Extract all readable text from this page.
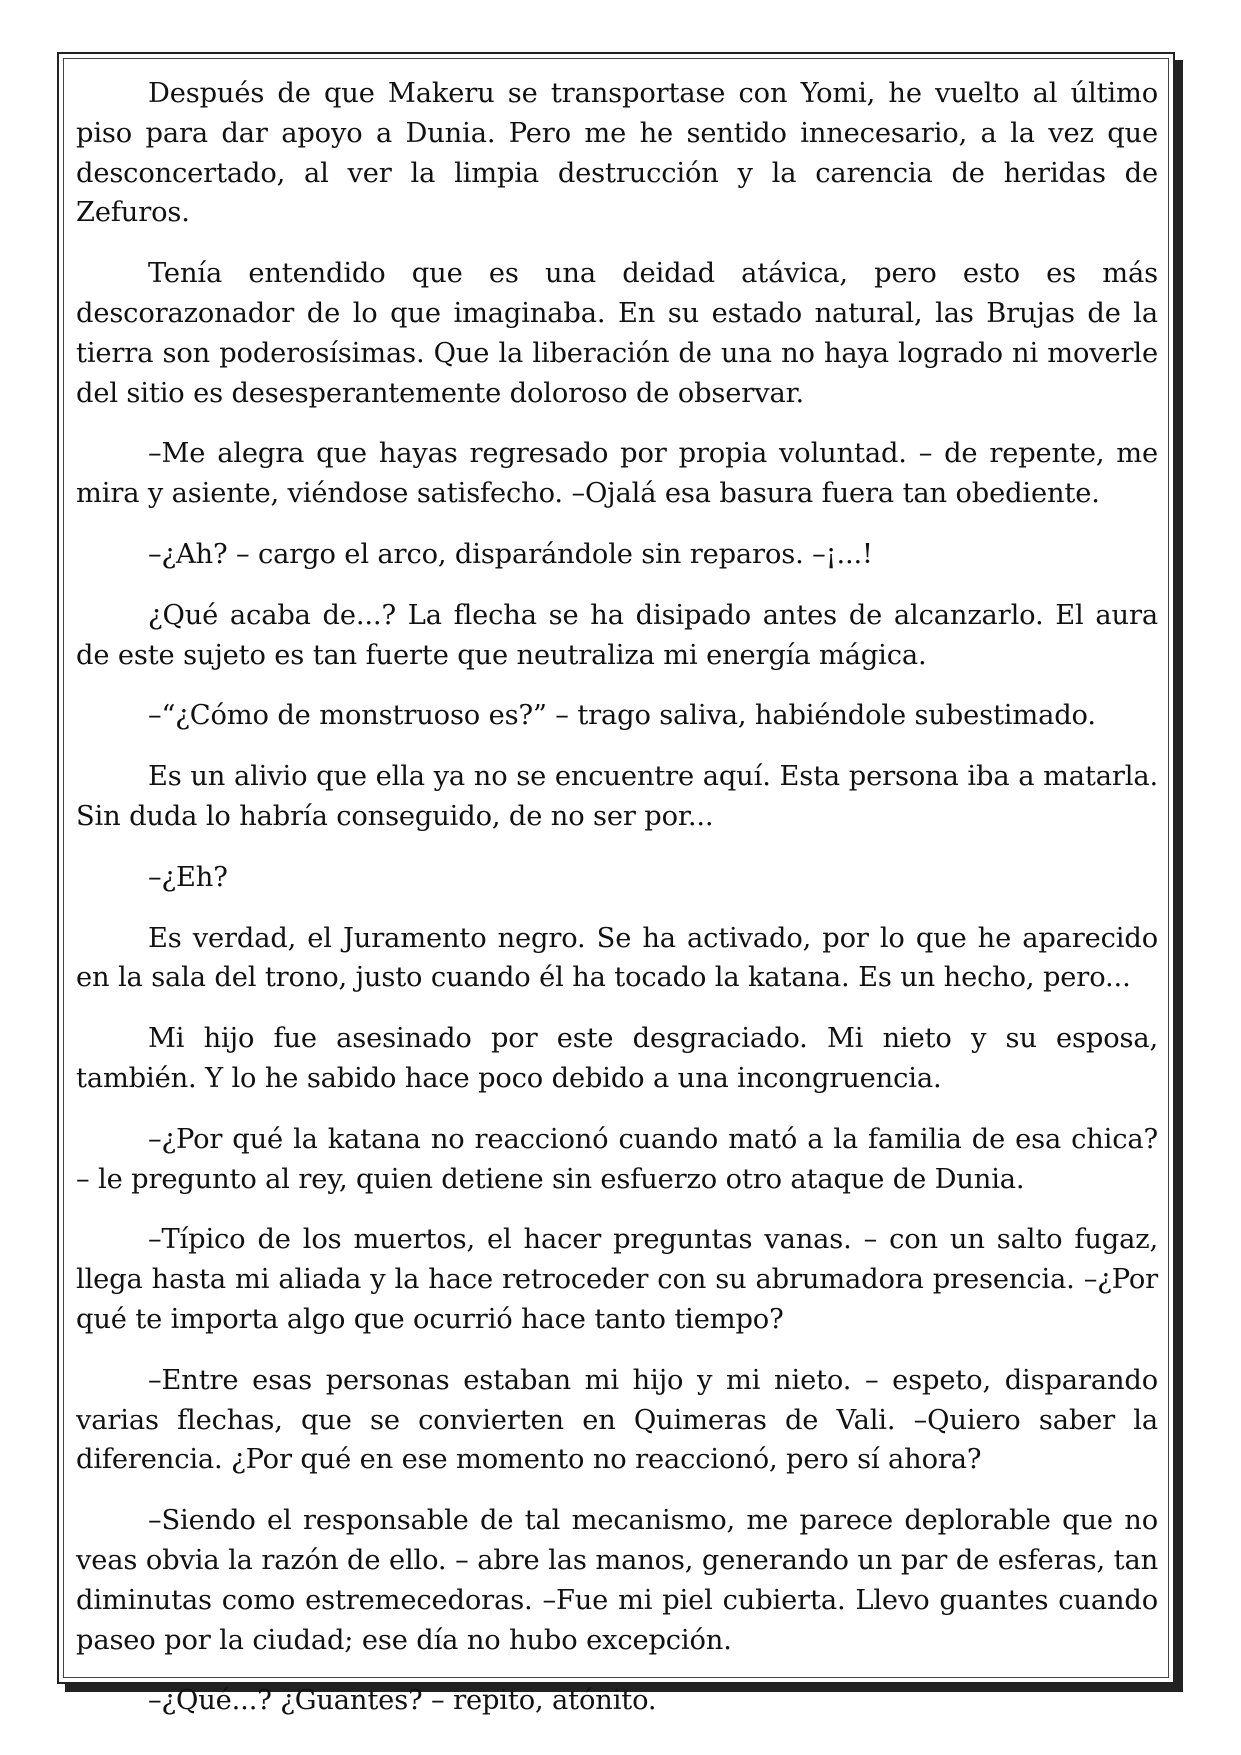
Después de que Makeru se transportase con Yomi, he vuelto al último piso para dar apoyo a Dunia. Pero me he sentido innecesario, a la vez que desconcertado, al ver la limpia destrucción y la carencia de heridas de Zefuros.

Tenía entendido que es una deidad atávica, pero esto es más descorazonador de lo que imaginaba. En su estado natural, las Brujas de la tierra son poderosísimas. Que la liberación de una no haya logrado ni moverle del sitio es desesperantemente doloroso de observar.

–Me alegra que hayas regresado por propia voluntad. – de repente, me mira y asiente, viéndose satisfecho. –Ojalá esa basura fuera tan obediente.

–¿Ah? – cargo el arco, disparándole sin reparos. –¡...!

¿Qué acaba de...? La flecha se ha disipado antes de alcanzarlo. El aura de este sujeto es tan fuerte que neutraliza mi energía mágica.

–“¿Cómo de monstruoso es?” – trago saliva, habiéndole subestimado.

Es un alivio que ella ya no se encuentre aquí. Esta persona iba a matarla. Sin duda lo habría conseguido, de no ser por...

–¿Eh?

Es verdad, el Juramento negro. Se ha activado, por lo que he aparecido en la sala del trono, justo cuando él ha tocado la katana. Es un hecho, pero...

Mi hijo fue asesinado por este desgraciado. Mi nieto y su esposa, también. Y lo he sabido hace poco debido a una incongruencia.

–¿Por qué la katana no reaccionó cuando mató a la familia de esa chica? – le pregunto al rey, quien detiene sin esfuerzo otro ataque de Dunia.

–Típico de los muertos, el hacer preguntas vanas. – con un salto fugaz, llega hasta mi aliada y la hace retroceder con su abrumadora presencia. –¿Por qué te importa algo que ocurrió hace tanto tiempo?

–Entre esas personas estaban mi hijo y mi nieto. – espeto, disparando varias flechas, que se convierten en Quimeras de Vali. –Quiero saber la diferencia. ¿Por qué en ese momento no reaccionó, pero sí ahora?

–Siendo el responsable de tal mecanismo, me parece deplorable que no veas obvia la razón de ello. – abre las manos, generando un par de esferas, tan diminutas como estremecedoras. –Fue mi piel cubierta. Llevo guantes cuando paseo por la ciudad; ese día no hubo excepción.

–¿Qué...? ¿Guantes? – repito, atónito.
